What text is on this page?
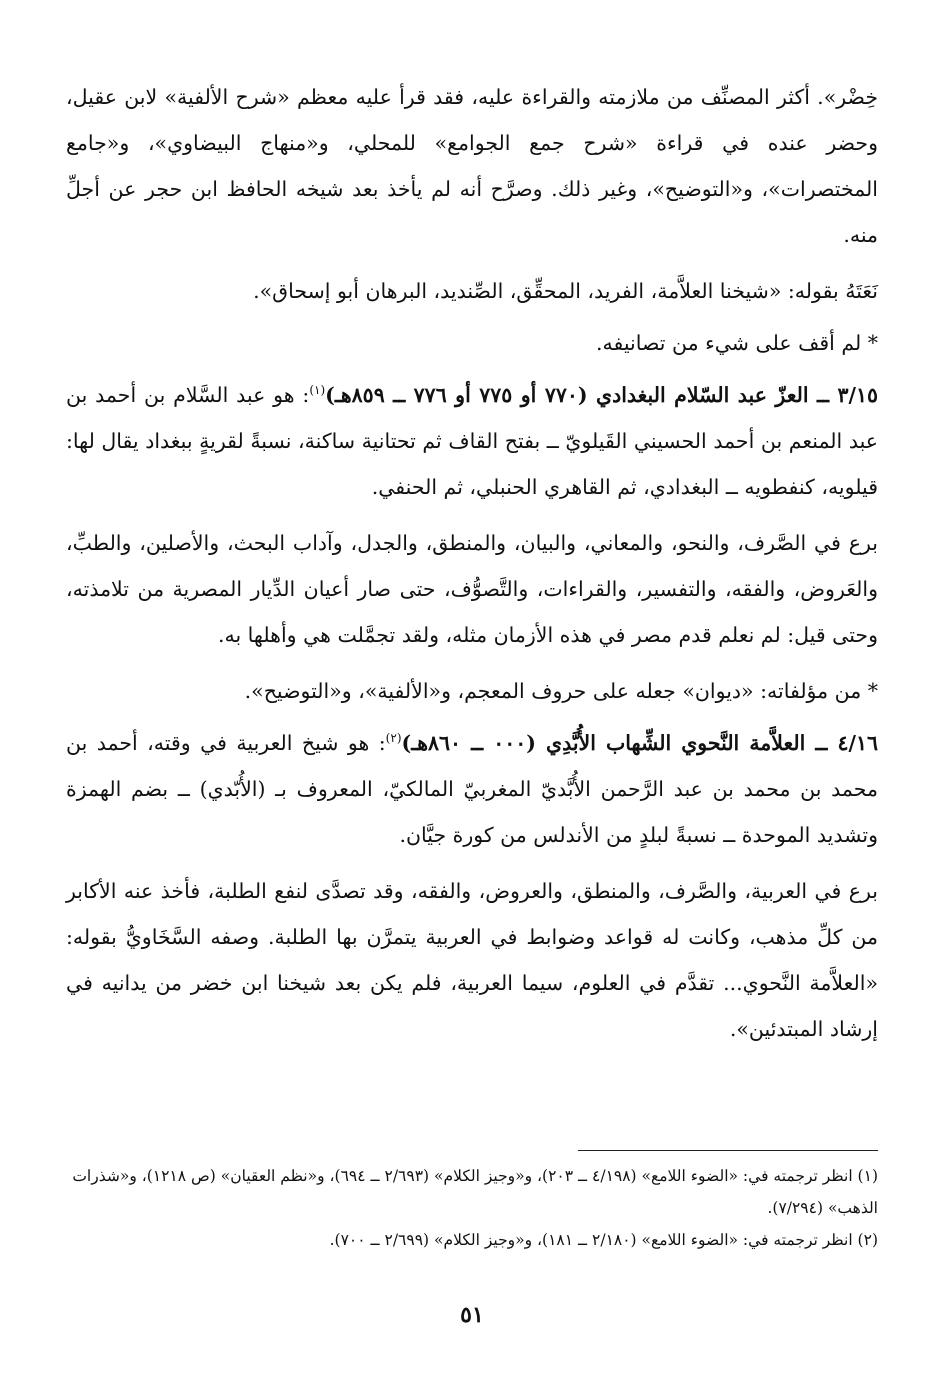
خِضْر». أكثر المصنِّف من ملازمته والقراءة عليه، فقد قرأ عليه معظم «شرح الألفية» لابن عقيل، وحضر عنده في قراءة «شرح جمع الجوامع» للمحلي، و«منهاج البيضاوي»، و«جامع المختصرات»، و«التوضيح»، وغير ذلك. وصرَّح أنه لم يأخذ بعد شيخه الحافظ ابن حجر عن أجلِّ منه.

نَعَتَهُ بقوله: «شيخنا العلاَّمة، الفريد، المحقِّق، الصِّنديد، البرهان أبو إسحاق».

* لم أقف على شيء من تصانيفه.

٣/١٥ ــ العزّ عبد السّلام البغدادي (٧٧٠ أو ٧٧٥ أو ٧٧٦ ــ ٨٥٩هـ)$^{(١)}$: هو عبد السَّلام بن أحمد بن عبد المنعم بن أحمد الحسيني القَيلويّ ــ بفتح القاف ثم تحتانية ساكنة، نسبةً لقريةٍ ببغداد يقال لها: قيلويه، كنفطويه ــ البغدادي، ثم القاهري الحنبلي، ثم الحنفي.

برع في الصَّرف، والنحو، والمعاني، والبيان، والمنطق، والجدل، وآداب البحث، والأصلين، والطبِّ، والعَروض، والفقه، والتفسير، والقراءات، والتَّصوُّف، حتى صار أعيان الدِّيار المصرية من تلامذته، وحتى قيل: لم نعلم قدم مصر في هذه الأزمان مثله، ولقد تجمَّلت هي وأهلها به.

* من مؤلفاته: «ديوان» جعله على حروف المعجم، و«الألفية»، و«التوضيح».

٤/١٦ ــ العلاَّمة النَّحوي الشِّهاب الأُبَّدِي (٠٠٠ ــ ٨٦٠هـ)$^{(٢)}$: هو شيخ العربية في وقته، أحمد بن محمد بن محمد بن عبد الرَّحمن الأُبَّديّ المغربيّ المالكيّ، المعروف بـ (الأُبّدي) ــ بضم الهمزة وتشديد الموحدة ــ نسبةً لبلدٍ من الأندلس من كورة جيَّان.

برع في العربية، والصَّرف، والمنطق، والعروض، والفقه، وقد تصدَّى لنفع الطلبة، فأخذ عنه الأكابر من كلِّ مذهب، وكانت له قواعد وضوابط في العربية يتمرَّن بها الطلبة. وصفه السَّخَاويُّ بقوله: «العلاَّمة النَّحوي... تقدَّم في العلوم، سيما العربية، فلم يكن بعد شيخنا ابن خضر من يدانيه في إرشاد المبتدئين».

(١) انظر ترجمته في: «الضوء اللامع» (٤/١٩٨ ــ ٢٠٣)، و«وجيز الكلام» (٢/٦٩٣ ــ ٦٩٤)، و«نظم العقيان» (ص ١٢١٨)، و«شذرات الذهب» (٧/٢٩٤).

(٢) انظر ترجمته في: «الضوء اللامع» (٢/١٨٠ ــ ١٨١)، و«وجيز الكلام» (٢/٦٩٩ ــ ٧٠٠).

٥١
